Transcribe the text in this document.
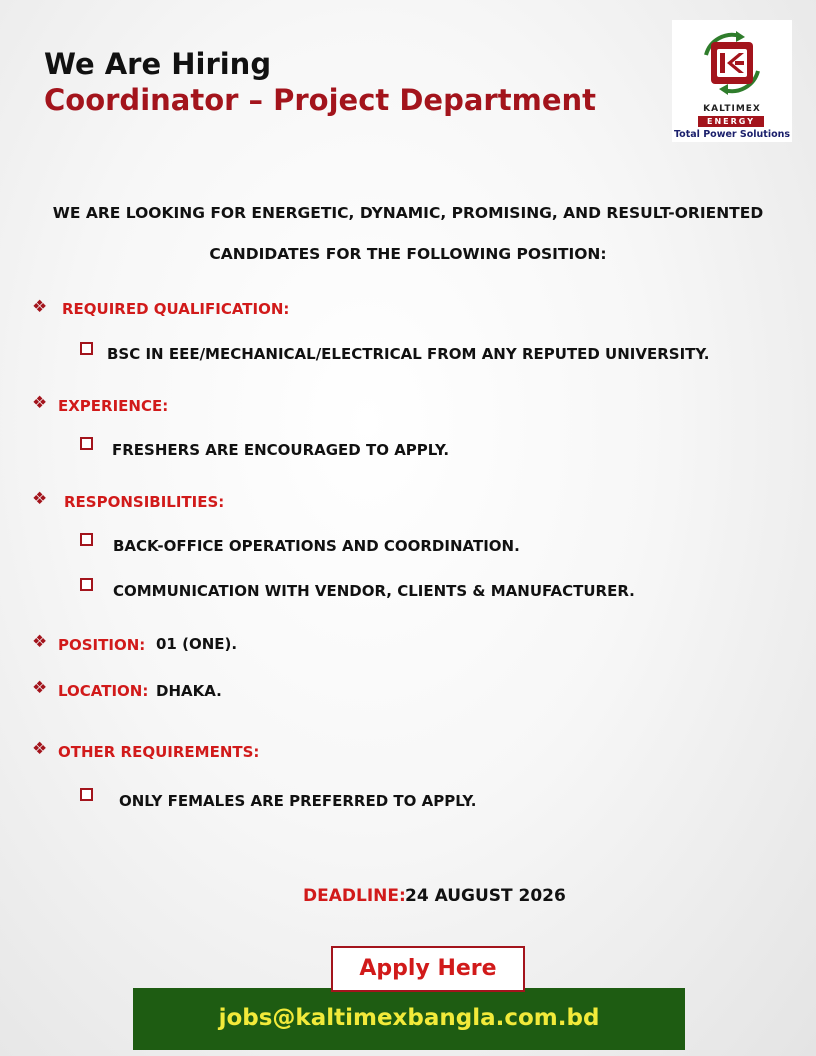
We Are Hiring
Coordinator – Project Department	KALTIMEX
ENERGY
Total Power Solutions
WE ARE LOOKING FOR ENERGETIC, DYNAMIC, PROMISING, AND RESULT-ORIENTED
CANDIDATES FOR THE FOLLOWING POSITION:
❖ REQUIRED QUALIFICATION:
BSC IN EEE/MECHANICAL/ELECTRICAL FROM ANY REPUTED UNIVERSITY.
❖ EXPERIENCE:
FRESHERS ARE ENCOURAGED TO APPLY.
❖ RESPONSIBILITIES:
BACK-OFFICE OPERATIONS AND COORDINATION.
COMMUNICATION WITH VENDOR, CLIENTS & MANUFACTURER.
❖ POSITION: 01 (ONE).
❖ LOCATION: DHAKA.
❖ OTHER REQUIREMENTS:
ONLY FEMALES ARE PREFERRED TO APPLY.
DEADLINE: 24 AUGUST 2026
jobs@kaltimexbangla.com.bd
Apply Here
